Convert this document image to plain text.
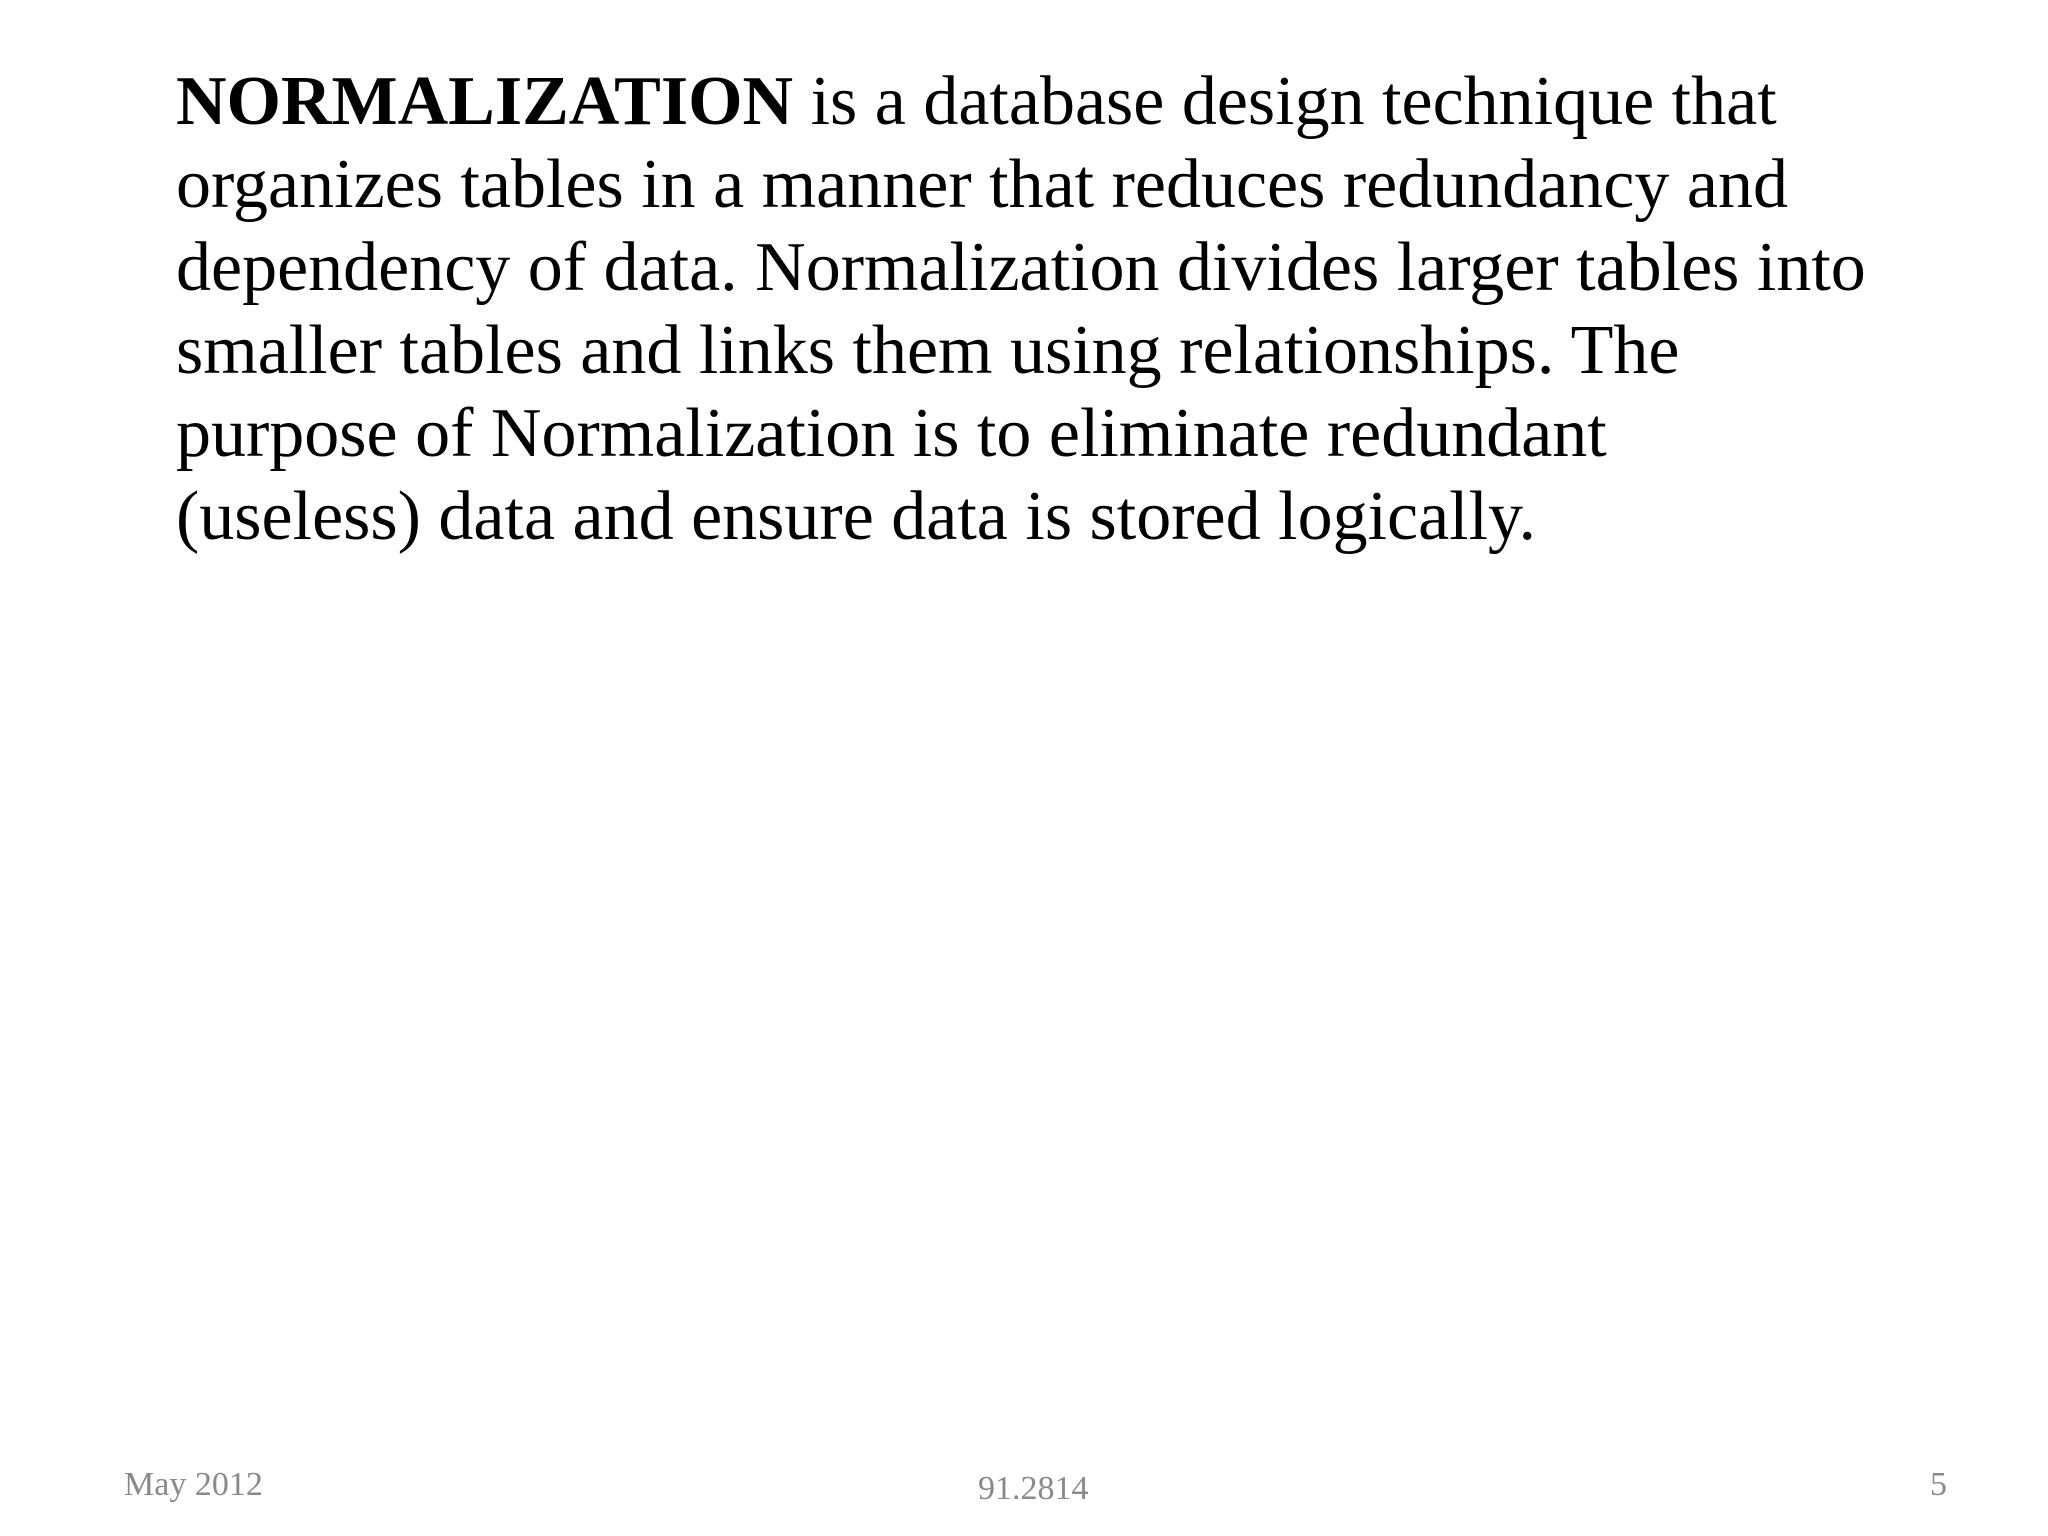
NORMALIZATION is a database design technique that
organizes tables in a manner that reduces redundancy and
dependency of data. Normalization divides larger tables into
smaller tables and links them using relationships. The
purpose of Normalization is to eliminate redundant
(useless) data and ensure data is stored logically.

May 2012	91.2814	5
